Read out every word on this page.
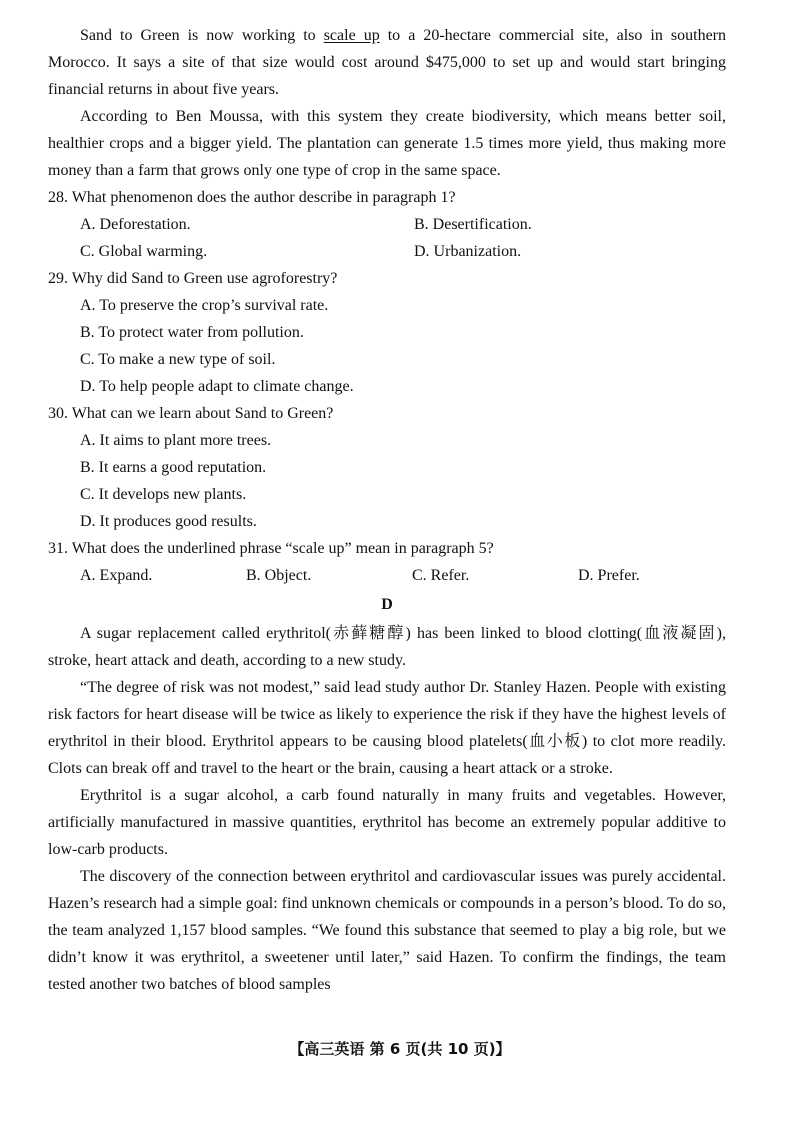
Sand to Green is now working to scale up to a 20-hectare commercial site, also in southern Morocco. It says a site of that size would cost around $475,000 to set up and would start bringing financial returns in about five years.

According to Ben Moussa, with this system they create biodiversity, which means better soil, healthier crops and a bigger yield. The plantation can generate 1.5 times more yield, thus making more money than a farm that grows only one type of crop in the same space.

28. What phenomenon does the author describe in paragraph 1?

A. Deforestation.	B. Desertification.
C. Global warming.	D. Urbanization.

29. Why did Sand to Green use agroforestry?

A. To preserve the crop’s survival rate.

B. To protect water from pollution.

C. To make a new type of soil.

D. To help people adapt to climate change.

30. What can we learn about Sand to Green?

A. It aims to plant more trees.

B. It earns a good reputation.

C. It develops new plants.

D. It produces good results.

31. What does the underlined phrase “scale up” mean in paragraph 5?

A. Expand.	B. Object.	C. Refer.	D. Prefer.
D

A sugar replacement called erythritol(赤藓糖醇) has been linked to blood clotting(血液凝固), stroke, heart attack and death, according to a new study.

“The degree of risk was not modest,” said lead study author Dr. Stanley Hazen. People with existing risk factors for heart disease will be twice as likely to experience the risk if they have the highest levels of erythritol in their blood. Erythritol appears to be causing blood platelets(血小板) to clot more readily. Clots can break off and travel to the heart or the brain, causing a heart attack or a stroke.

Erythritol is a sugar alcohol, a carb found naturally in many fruits and vegetables. However, artificially manufactured in massive quantities, erythritol has become an extremely popular additive to low-carb products.

The discovery of the connection between erythritol and cardiovascular issues was purely accidental. Hazen’s research had a simple goal: find unknown chemicals or compounds in a person’s blood. To do so, the team analyzed 1,157 blood samples. “We found this substance that seemed to play a big role, but we didn’t know it was erythritol, a sweetener until later,” said Hazen. To confirm the findings, the team tested another two batches of blood samples

【高三英语 第 6 页(共 10 页)】
